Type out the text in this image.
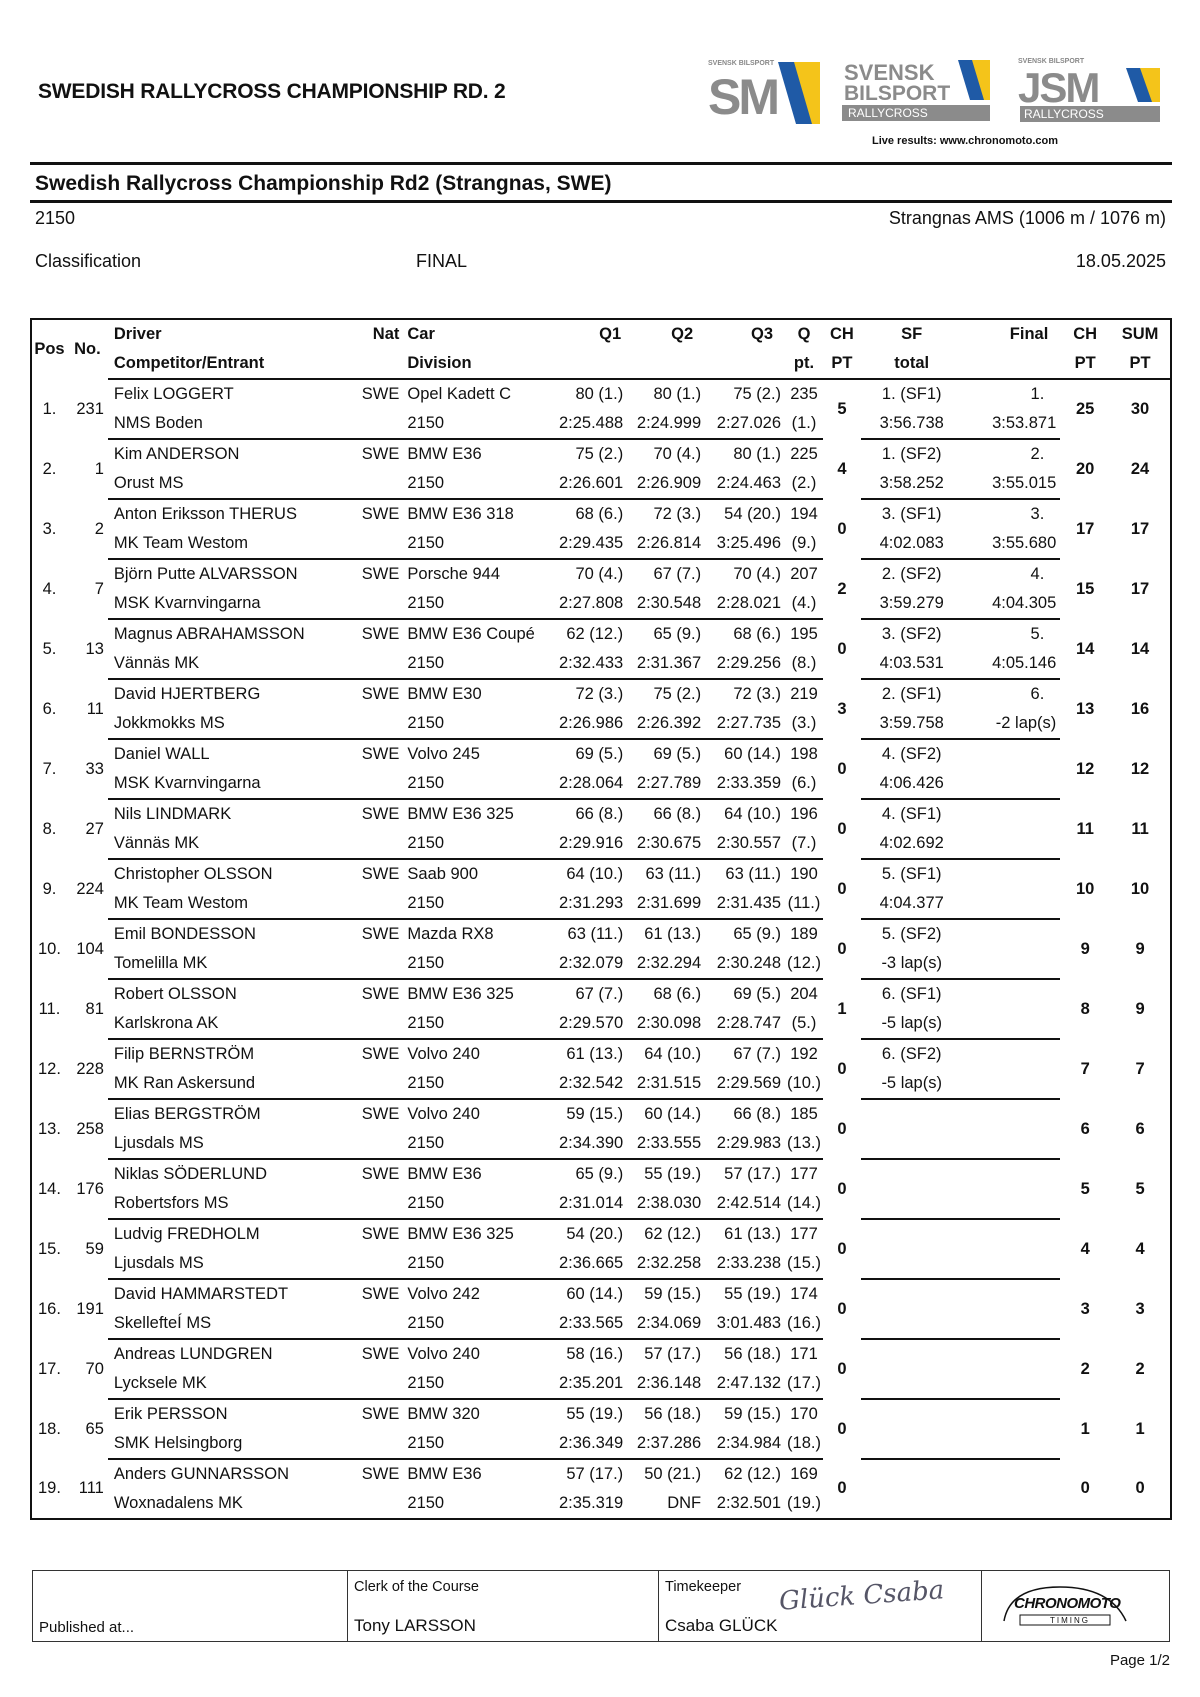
SWEDISH RALLYCROSS CHAMPIONSHIP RD. 2
SVENSK BILSPORT
SM	SVENSK
BILSPORT
RALLYCROSS
SVENSK BILSPORT
JSM
RALLYCROSS
Live results: www.chronomoto.com
Swedish Rallycross Championship Rd2 (Strangnas, SWE)
2150	Strangnas AMS (1006 m / 1076 m)
Classification	FINAL	18.05.2025
Pos	No.	Driver	Nat	Car	Q1	Q2	Q3	Q	CH	SF	Final	CH	SUM
		Competitor/Entrant		Division				pt.	PT	total		PT	PT
1.	231	Felix LOGGERT	SWE	Opel Kadett C	80 (1.)	80 (1.)	75 (2.)	235	5	1. (SF1)	1.	25	30
		NMS Boden		2150	2:25.488	2:24.999	2:27.026	(1.)		3:56.738	3:53.871		
2.	1	Kim ANDERSON	SWE	BMW E36	75 (2.)	70 (4.)	80 (1.)	225	4	1. (SF2)	2.	20	24
		Orust MS		2150	2:26.601	2:26.909	2:24.463	(2.)		3:58.252	3:55.015		
3.	2	Anton Eriksson THERUS	SWE	BMW E36 318	68 (6.)	72 (3.)	54 (20.)	194	0	3. (SF1)	3.	17	17
		MK Team Westom		2150	2:29.435	2:26.814	3:25.496	(9.)		4:02.083	3:55.680		
4.	7	Björn Putte ALVARSSON	SWE	Porsche 944	70 (4.)	67 (7.)	70 (4.)	207	2	2. (SF2)	4.	15	17
		MSK Kvarnvingarna		2150	2:27.808	2:30.548	2:28.021	(4.)		3:59.279	4:04.305		
5.	13	Magnus ABRAHAMSSON	SWE	BMW E36 Coupé	62 (12.)	65 (9.)	68 (6.)	195	0	3. (SF2)	5.	14	14
		Vännäs MK		2150	2:32.433	2:31.367	2:29.256	(8.)		4:03.531	4:05.146		
6.	11	David HJERTBERG	SWE	BMW E30	72 (3.)	75 (2.)	72 (3.)	219	3	2. (SF1)	6.	13	16
		Jokkmokks MS		2150	2:26.986	2:26.392	2:27.735	(3.)		3:59.758	-2 lap(s)		
7.	33	Daniel WALL	SWE	Volvo 245	69 (5.)	69 (5.)	60 (14.)	198	0	4. (SF2)		12	12
		MSK Kvarnvingarna		2150	2:28.064	2:27.789	2:33.359	(6.)		4:06.426			
8.	27	Nils LINDMARK	SWE	BMW E36 325	66 (8.)	66 (8.)	64 (10.)	196	0	4. (SF1)		11	11
		Vännäs MK		2150	2:29.916	2:30.675	2:30.557	(7.)		4:02.692			
9.	224	Christopher OLSSON	SWE	Saab 900	64 (10.)	63 (11.)	63 (11.)	190	0	5. (SF1)		10	10
		MK Team Westom		2150	2:31.293	2:31.699	2:31.435	(11.)		4:04.377			
10.	104	Emil BONDESSON	SWE	Mazda RX8	63 (11.)	61 (13.)	65 (9.)	189	0	5. (SF2)		9	9
		Tomelilla MK		2150	2:32.079	2:32.294	2:30.248	(12.)		-3 lap(s)			
11.	81	Robert OLSSON	SWE	BMW E36 325	67 (7.)	68 (6.)	69 (5.)	204	1	6. (SF1)		8	9
		Karlskrona AK		2150	2:29.570	2:30.098	2:28.747	(5.)		-5 lap(s)			
12.	228	Filip BERNSTRÖM	SWE	Volvo 240	61 (13.)	64 (10.)	67 (7.)	192	0	6. (SF2)		7	7
		MK Ran Askersund		2150	2:32.542	2:31.515	2:29.569	(10.)		-5 lap(s)			
13.	258	Elias BERGSTRÖM	SWE	Volvo 240	59 (15.)	60 (14.)	66 (8.)	185	0			6	6
		Ljusdals MS		2150	2:34.390	2:33.555	2:29.983	(13.)					
14.	176	Niklas SÖDERLUND	SWE	BMW E36	65 (9.)	55 (19.)	57 (17.)	177	0			5	5
		Robertsfors MS		2150	2:31.014	2:38.030	2:42.514	(14.)					
15.	59	Ludvig FREDHOLM	SWE	BMW E36 325	54 (20.)	62 (12.)	61 (13.)	177	0			4	4
		Ljusdals MS		2150	2:36.665	2:32.258	2:33.238	(15.)					
16.	191	David HAMMARSTEDT	SWE	Volvo 242	60 (14.)	59 (15.)	55 (19.)	174	0			3	3
		SkellefteÍ MS		2150	2:33.565	2:34.069	3:01.483	(16.)					
17.	70	Andreas LUNDGREN	SWE	Volvo 240	58 (16.)	57 (17.)	56 (18.)	171	0			2	2
		Lycksele MK		2150	2:35.201	2:36.148	2:47.132	(17.)					
18.	65	Erik PERSSON	SWE	BMW 320	55 (19.)	56 (18.)	59 (15.)	170	0			1	1
		SMK Helsingborg		2150	2:36.349	2:37.286	2:34.984	(18.)					
19.	111	Anders GUNNARSSON	SWE	BMW E36	57 (17.)	50 (21.)	62 (12.)	169	0			0	0
		Woxnadalens MK		2150	2:35.319	DNF	2:32.501	(19.)					
Published at...
Clerk of the Course
Tony LARSSON
Timekeeper
Csaba GLÜCK
Glück Csaba	CHRONOMOTO
TIMING
Page 1/2
